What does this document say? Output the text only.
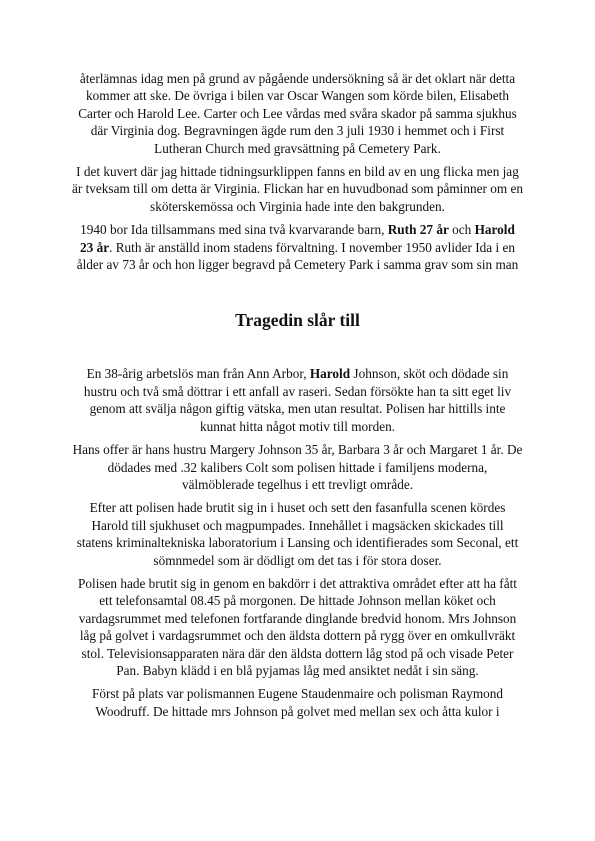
återlämnas idag men på grund av pågående undersökning så är det oklart när detta kommer att ske. De övriga i bilen var Oscar Wangen som körde bilen, Elisabeth Carter och Harold Lee. Carter och Lee vårdas med svåra skador på samma sjukhus där Virginia dog. Begravningen ägde rum den 3 juli 1930 i hemmet och i First Lutheran Church med gravsättning på Cemetery Park.

I det kuvert där jag hittade tidningsurklippen fanns en bild av en ung flicka men jag är tveksam till om detta är Virginia. Flickan har en huvudbonad som påminner om en sköterskemössa och Virginia hade inte den bakgrunden.

1940 bor Ida tillsammans med sina två kvarvarande barn, Ruth 27 år och Harold 23 år. Ruth är anställd inom stadens förvaltning. I november 1950 avlider Ida i en ålder av 73 år och hon ligger begravd på Cemetery Park i samma grav som sin man

Tragedin slår till

En 38-årig arbetslös man från Ann Arbor, Harold Johnson, sköt och dödade sin hustru och två små döttrar i ett anfall av raseri. Sedan försökte han ta sitt eget liv genom att svälja någon giftig vätska, men utan resultat. Polisen har hittills inte kunnat hitta något motiv till morden.

Hans offer är hans hustru Margery Johnson 35 år, Barbara 3 år och Margaret 1 år. De dödades med .32 kalibers Colt som polisen hittade i familjens moderna, välmöblerade tegelhus i ett trevligt område.

Efter att polisen hade brutit sig in i huset och sett den fasanfulla scenen kördes Harold till sjukhuset och magpumpades. Innehållet i magsäcken skickades till statens kriminaltekniska laboratorium i Lansing och identifierades som Seconal, ett sömnmedel som är dödligt om det tas i för stora doser.

Polisen hade brutit sig in genom en bakdörr i det attraktiva området efter att ha fått ett telefonsamtal 08.45 på morgonen. De hittade Johnson mellan köket och vardagsrummet med telefonen fortfarande dinglande bredvid honom. Mrs Johnson låg på golvet i vardagsrummet och den äldsta dottern på rygg över en omkullvräkt stol. Televisionsapparaten nära där den äldsta dottern låg stod på och visade Peter Pan. Babyn klädd i en blå pyjamas låg med ansiktet nedåt i sin säng.

Först på plats var polismannen Eugene Staudenmaire och polisman Raymond Woodruff. De hittade mrs Johnson på golvet med mellan sex och åtta kulor i
